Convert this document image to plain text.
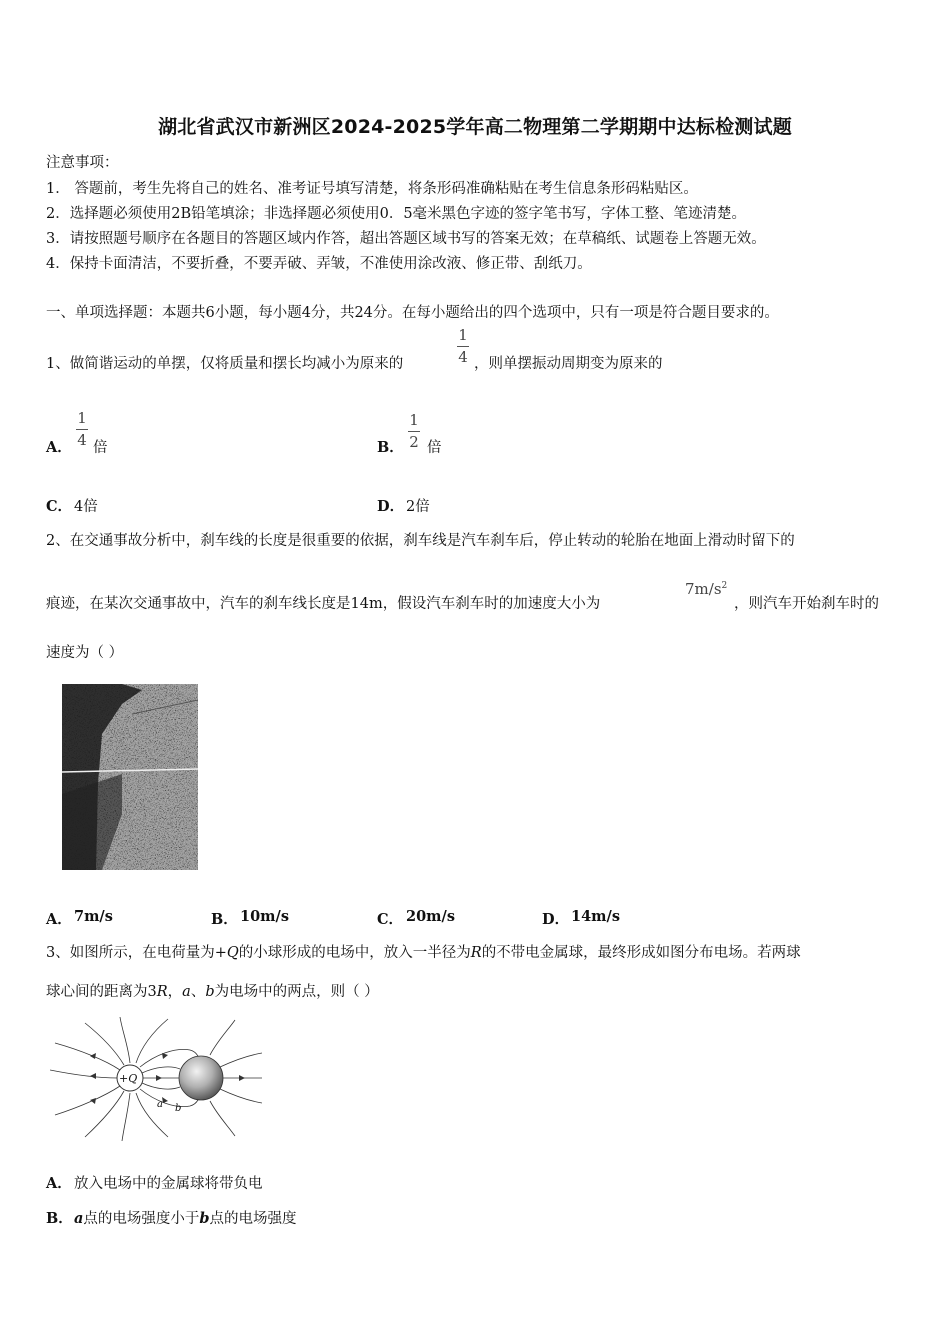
湖北省武汉市新洲区2024-2025学年高二物理第二学期期中达标检测试题
注意事项：
1． 答题前，考生先将自己的姓名、准考证号填写清楚，将条形码准确粘贴在考生信息条形码粘贴区。
2．选择题必须使用2B铅笔填涂；非选择题必须使用0．5毫米黑色字迹的签字笔书写，字体工整、笔迹清楚。
3．请按照题号顺序在各题目的答题区域内作答，超出答题区域书写的答案无效；在草稿纸、试题卷上答题无效。
4．保持卡面清洁，不要折叠，不要弄破、弄皱，不准使用涂改液、修正带、刮纸刀。
一、单项选择题：本题共6小题，每小题4分，共24分。在每小题给出的四个选项中，只有一项是符合题目要求的。
1、做简谐运动的单摆，仅将质量和摆长均减小为原来的
1
4 ，则单摆振动周期变为原来的
A．
1
4 倍	B．
1
2 倍
C． 4倍	D． 2倍
2、在交通事故分析中，刹车线的长度是很重要的依据，刹车线是汽车刹车后，停止转动的轮胎在地面上滑动时留下的
痕迹，在某次交通事故中，汽车的刹车线长度是14m，假设汽车刹车时的加速度大小为
$7m/s^2$
，则汽车开始刹车时的
速度为（ ）
A． 7m/s	B． 10m/s	C． 20m/s	D． 14m/s
3、如图所示，在电荷量为+Q的小球形成的电场中，放入一半径为R的不带电金属球，最终形成如图分布电场。若两球
球心间的距离为3R，a、b为电场中的两点，则（ ）
+Q
a b
A． 放入电场中的金属球将带负电
B． a点的电场强度小于b点的电场强度
